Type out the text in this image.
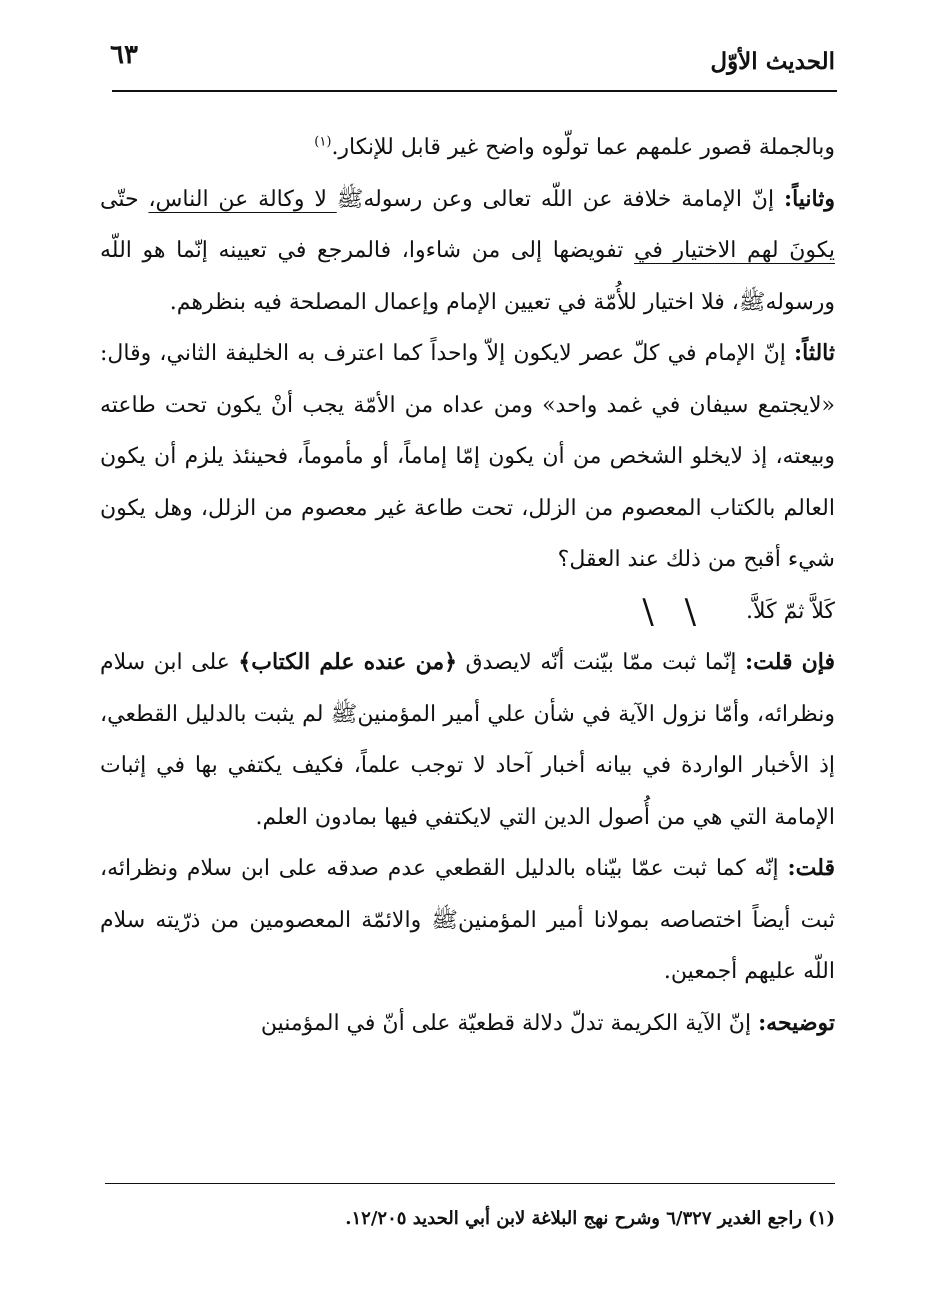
الحديث الأوّل
٦٣

وبالجملة قصور علمهم عما تولّوه واضح غير قابل للإنكار.$^{(١)}$

وثانياً: إنّ الإمامة خلافة عن اللّه تعالى وعن رسولهﷺ لا وكالة عن الناس، حتّى يكونَ لهم الاختيار في تفويضها إلى من شاءوا، فالمرجع في تعيينه إنّما هو اللّه ورسولهﷺ، فلا اختيار للأُمّة في تعيين الإمام وإعمال المصلحة فيه بنظرهم.

ثالثاً: إنّ الإمام في كلّ عصر لايكون إلاّ واحداً كما اعترف به الخليفة الثاني، وقال: «لايجتمع سيفان في غمد واحد» ومن عداه من الأمّة يجب أنْ يكون تحت طاعته وبيعته، إذ لايخلو الشخص من أن يكون إمّا إماماً، أو مأموماً، فحينئذ يلزم أن يكون العالم بالكتاب المعصوم من الزلل، تحت طاعة غير معصوم من الزلل، وهل يكون شيء أقبح من ذلك عند العقل؟
كَلاَّ ثمّ كَلاَّ.\ \

فإن قلت: إنّما ثبت ممّا بيّنت أنّه لايصدق ﴿من عنده علم الكتاب﴾ على ابن سلام ونظرائه، وأمّا نزول الآية في شأن علي أمير المؤمنينﷺ لم يثبت بالدليل القطعي، إذ الأخبار الواردة في بيانه أخبار آحاد لا توجب علماً، فكيف يكتفي بها في إثبات الإمامة التي هي من أُصول الدين التي لايكتفي فيها بمادون العلم.

قلت: إنّه كما ثبت عمّا بيّناه بالدليل القطعي عدم صدقه على ابن سلام ونظرائه، ثبت أيضاً اختصاصه بمولانا أمير المؤمنينﷺ والائمّة المعصومين من ذرّيته سلام اللّه عليهم أجمعين.

توضيحه: إنّ الآية الكريمة تدلّ دلالة قطعيّة على أنّ في المؤمنين

(١) راجع الغدير ٦/٣٢٧ وشرح نهج البلاغة لابن أبي الحديد ١٢/٢٠٥.
